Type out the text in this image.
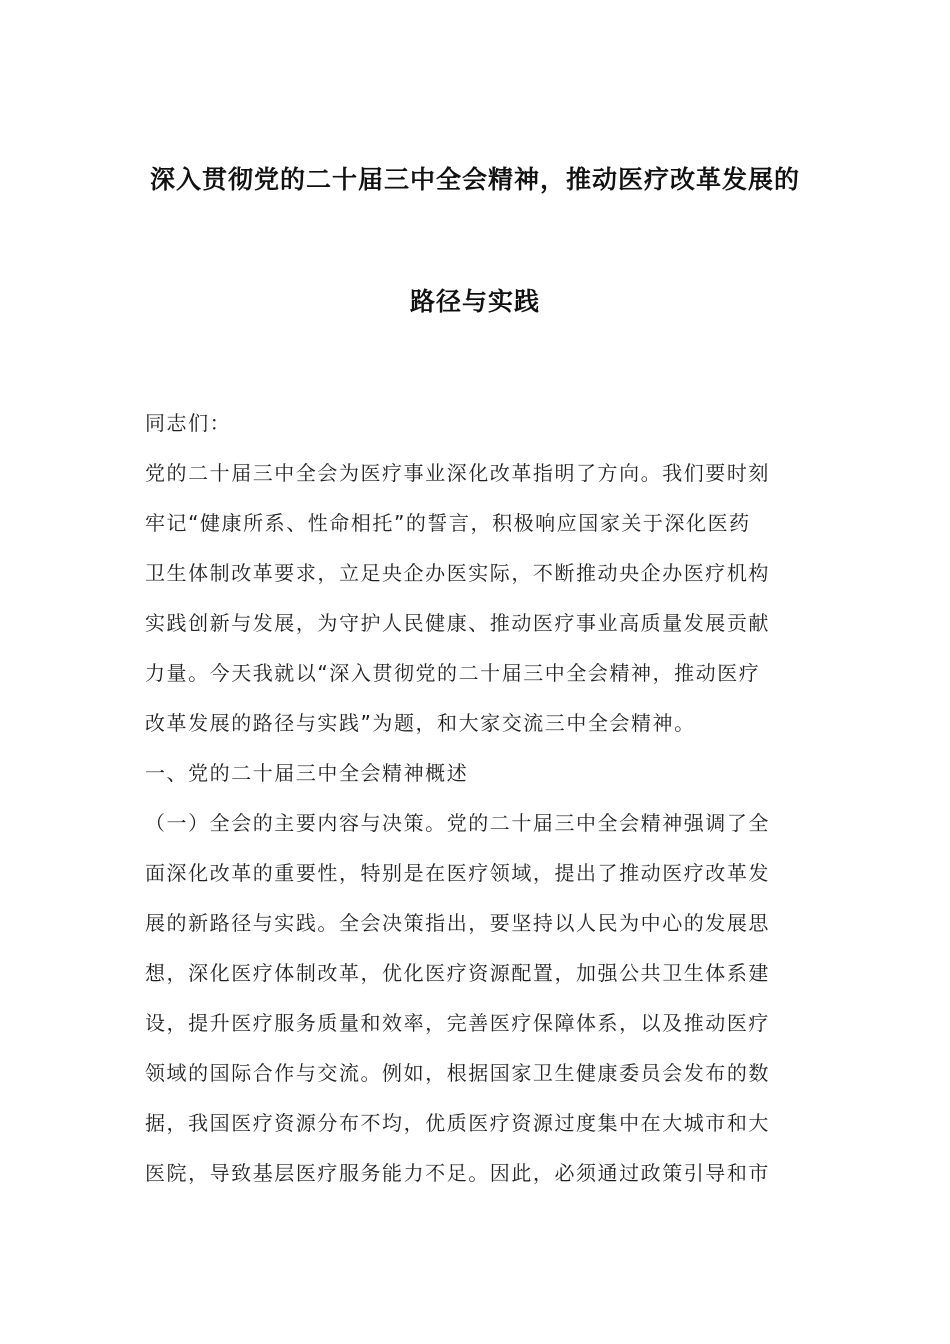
深入贯彻党的二十届三中全会精神，推动医疗改革发展的
路径与实践
同志们：
党的二十届三中全会为医疗事业深化改革指明了方向。我们要时刻
牢记“健康所系、性命相托”的誓言，积极响应国家关于深化医药
卫生体制改革要求，立足央企办医实际，不断推动央企办医疗机构
实践创新与发展，为守护人民健康、推动医疗事业高质量发展贡献
力量。今天我就以“深入贯彻党的二十届三中全会精神，推动医疗
改革发展的路径与实践”为题，和大家交流三中全会精神。
一、党的二十届三中全会精神概述
（一）全会的主要内容与决策。党的二十届三中全会精神强调了全
面深化改革的重要性，特别是在医疗领域，提出了推动医疗改革发
展的新路径与实践。全会决策指出，要坚持以人民为中心的发展思
想，深化医疗体制改革，优化医疗资源配置，加强公共卫生体系建
设，提升医疗服务质量和效率，完善医疗保障体系，以及推动医疗
领域的国际合作与交流。例如，根据国家卫生健康委员会发布的数
据，我国医疗资源分布不均，优质医疗资源过度集中在大城市和大
医院，导致基层医疗服务能力不足。因此，必须通过政策引导和市
